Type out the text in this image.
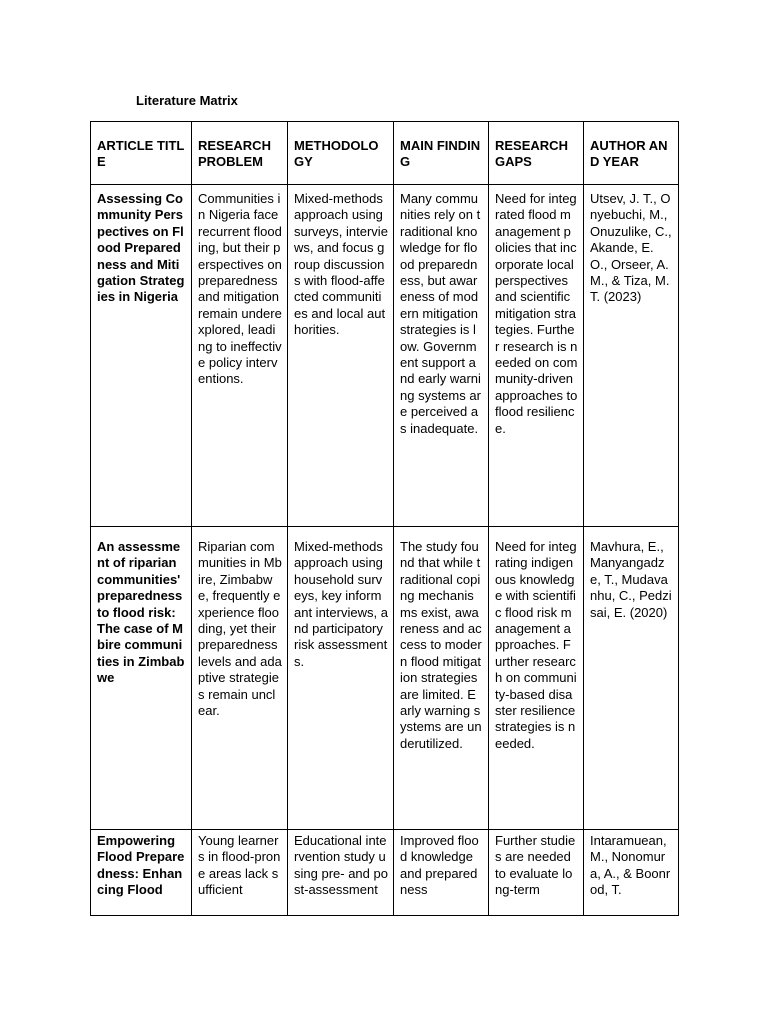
Literature Matrix
ARTICLE TITLE	RESEARCH PROBLEM	METHODOLOGY	MAIN FINDING	RESEARCH GAPS	AUTHOR AND YEAR
Assessing Community Perspectives on Flood Preparedness and Mitigation Strategies in Nigeria	Communities in Nigeria face recurrent flooding, but their perspectives on preparedness and mitigation remain underexplored, leading to ineffective policy interventions.	Mixed-methods approach using surveys, interviews, and focus group discussions with flood-affected communities and local authorities.	Many communities rely on traditional knowledge for flood preparedness, but awareness of modern mitigation strategies is low. Government support and early warning systems are perceived as inadequate.	Need for integrated flood management policies that incorporate local perspectives and scientific mitigation strategies. Further research is needed on community-driven approaches to flood resilience.	Utsev, J. T., Onyebuchi, M., Onuzulike, C., Akande, E. O., Orseer, A. M., & Tiza, M. T. (2023)
An assessment of riparian communities' preparedness to flood risk: The case of Mbire communities in Zimbabwe	Riparian communities in Mbire, Zimbabwe, frequently experience flooding, yet their preparedness levels and adaptive strategies remain unclear.	Mixed-methods approach using household surveys, key informant interviews, and participatory risk assessments.	The study found that while traditional coping mechanisms exist, awareness and access to modern flood mitigation strategies are limited. Early warning systems are underutilized.	Need for integrating indigenous knowledge with scientific flood risk management approaches. Further research on community-based disaster resilience strategies is needed.	Mavhura, E., Manyangadze, T., Mudavanhu, C., Pedzisai, E. (2020)

Empowering Flood Preparedness: Enhancing Flood	Young learners in flood-prone areas lack sufficient	Educational intervention study using pre- and post-assessment	Improved flood knowledge and preparedness	Further studies are needed to evaluate long-term	Intaramuean, M., Nonomura, A., & Boonrod, T.
